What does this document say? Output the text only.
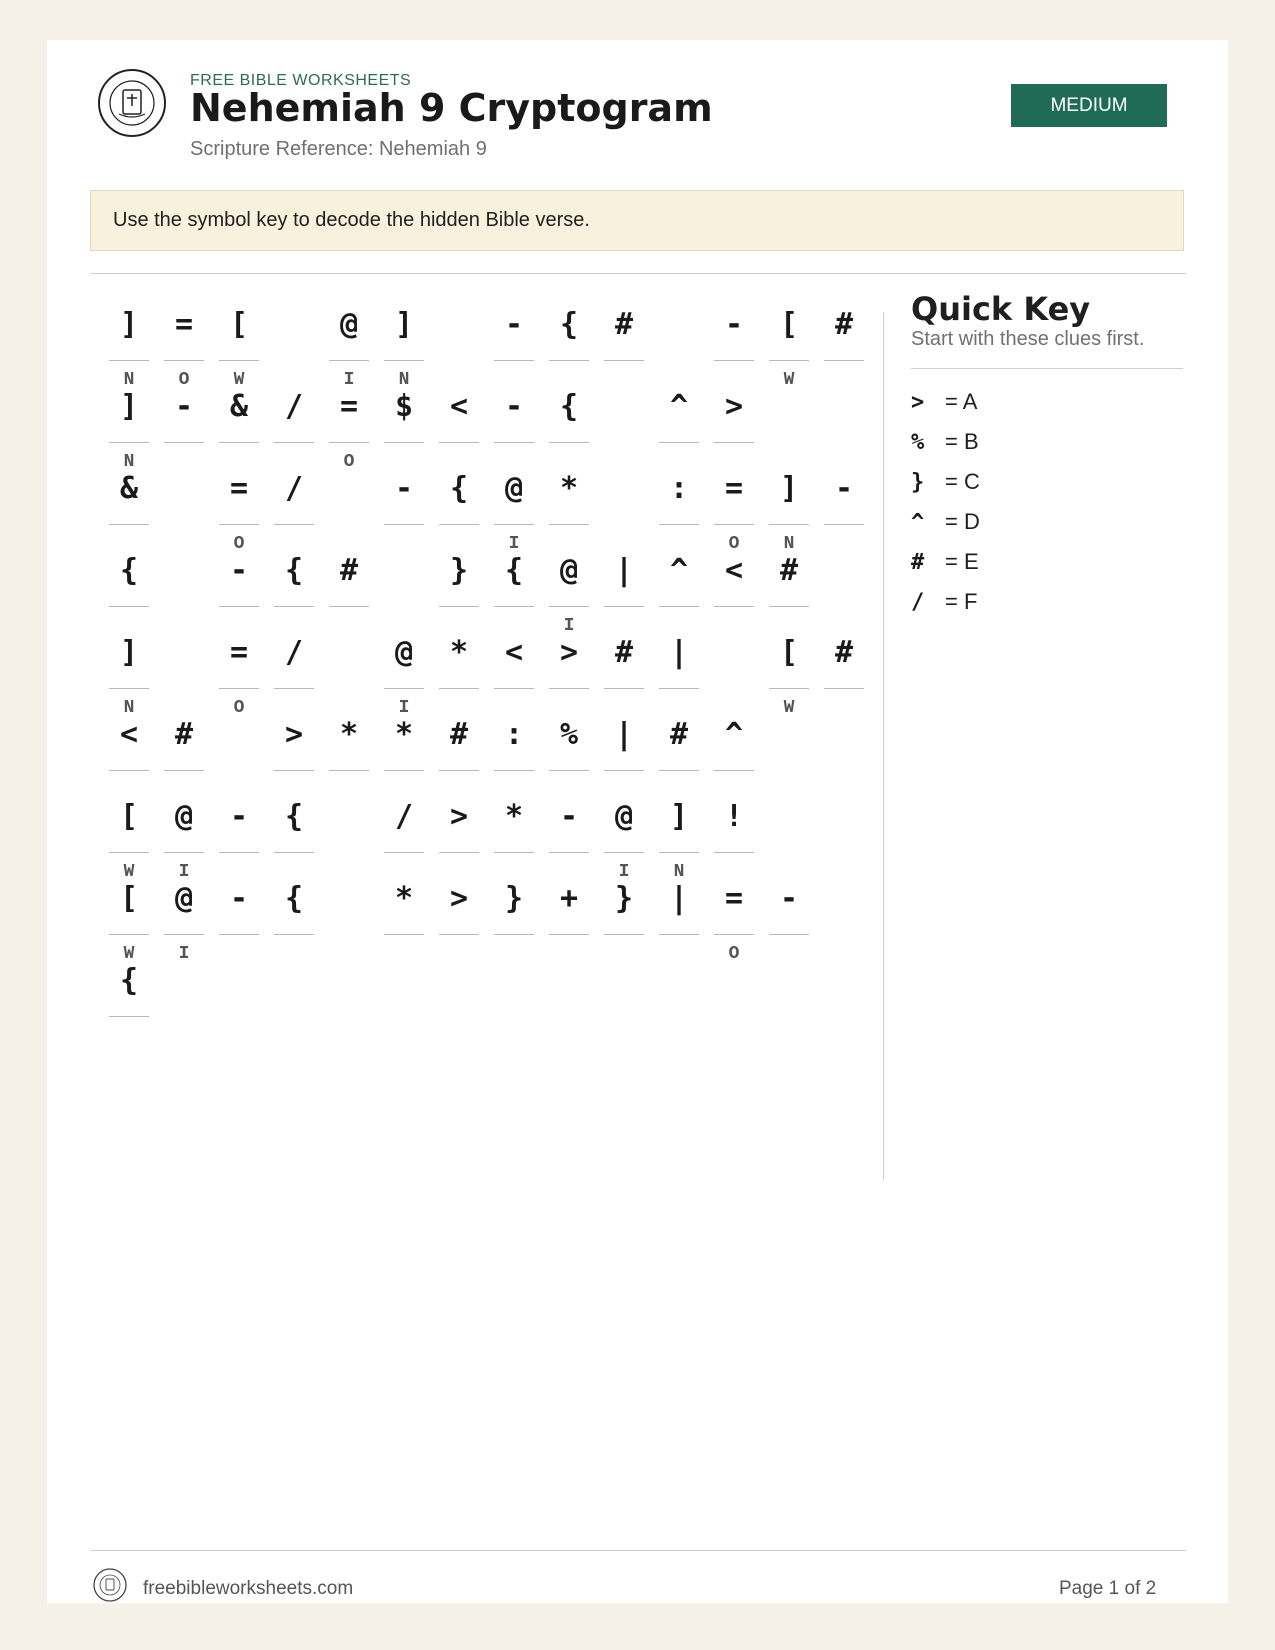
FREE BIBLE WORKSHEETS
Nehemiah 9 Cryptogram
Scripture Reference: Nehemiah 9
MEDIUM
Use the symbol key to decode the hidden Bible verse.
]
N
=
O
[
W
@
I
]
N
-	{	#	-	[
W
#
]
N
-	&	/	=
O
$	<	-	{	^	>
&	=
O
/	-	{	@
I
*	:	=
O
]
N
-
{	-	{	#	}	{	@
I
|	^	<	#
]
N
=
O
/	@
I
*	<	>	#	|	[
W
#
<	#	>	*	*	#	:	%	|	#	^
[
W
@
I
-	{	/	>	*	-	@
I
]
N
!
[
W
@
I
-	{	*	>	}	+	}	|	=
O
-
{
Quick Key
Start with these clues first.
> = A
% = B
} = C
^ = D
# = E
/ = F
freebibleworksheets.com	Page 1 of 2
